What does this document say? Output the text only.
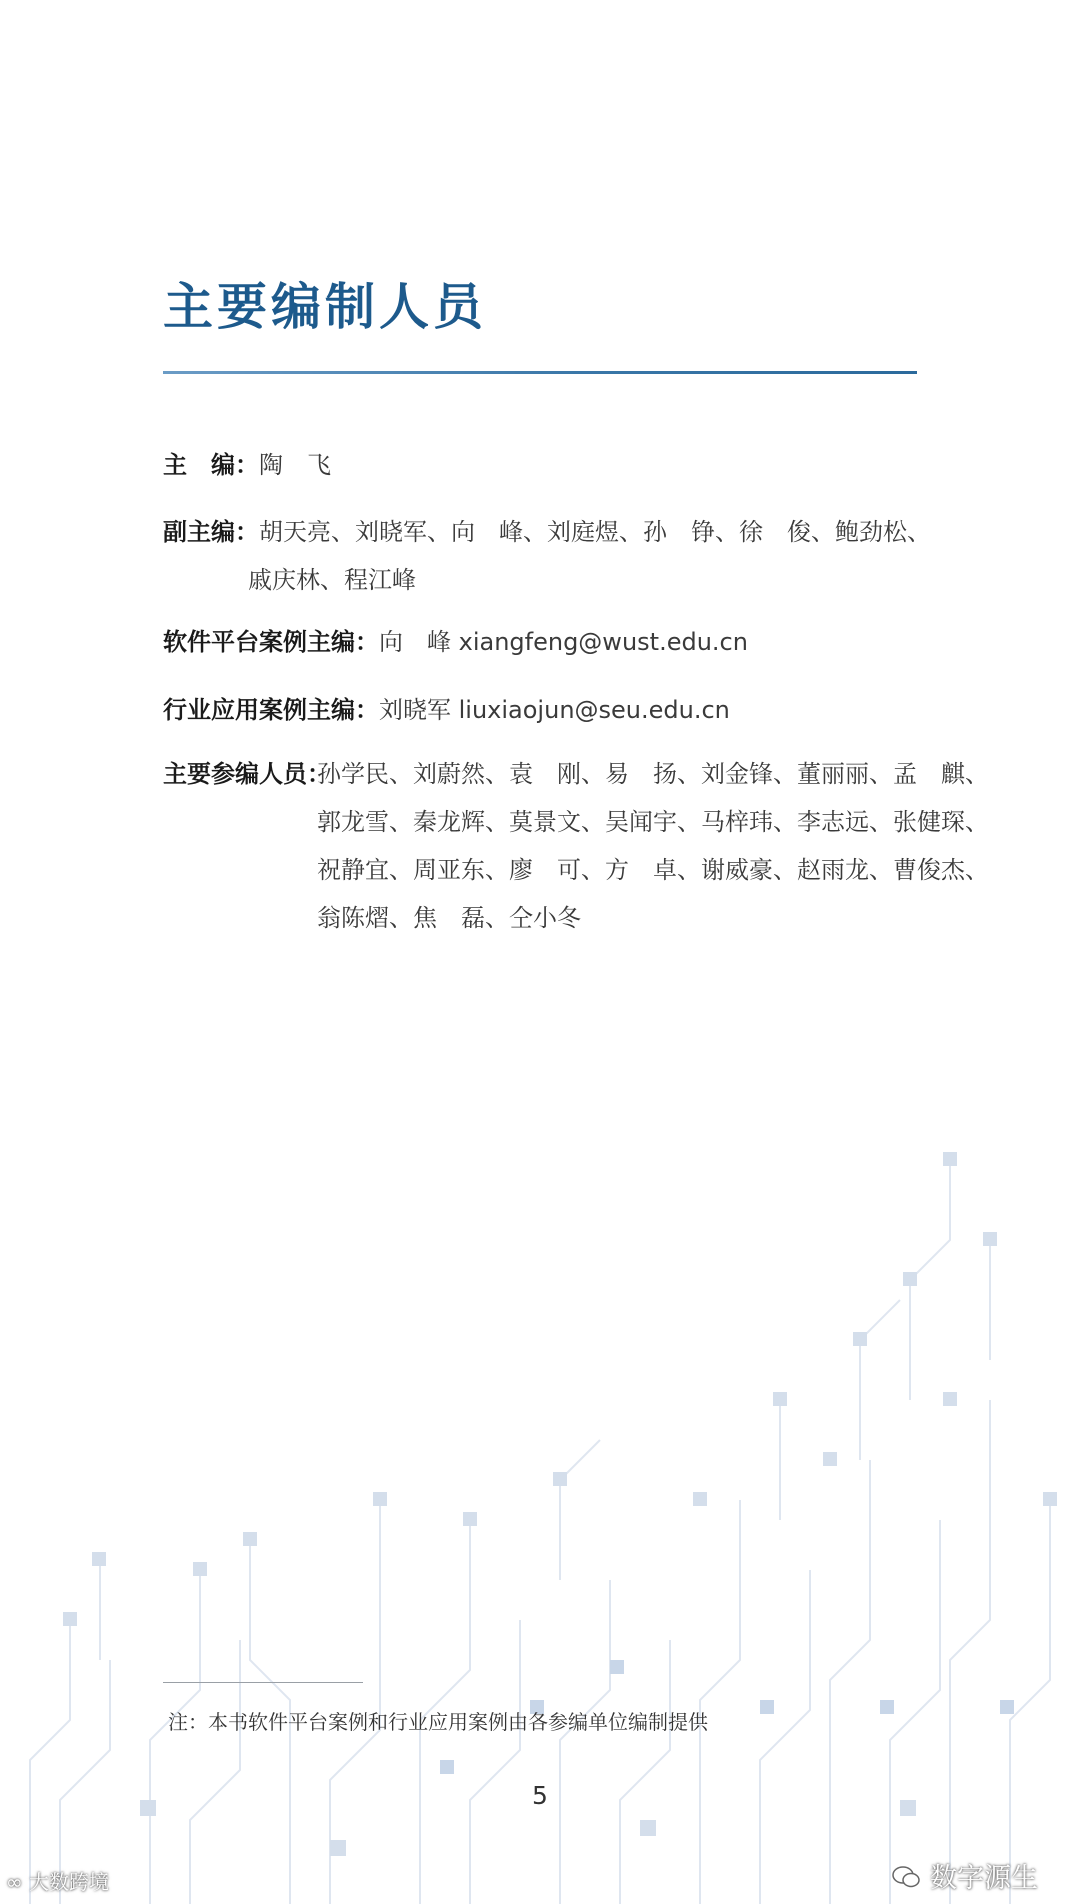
主要编制人员
主　编：陶　飞
副主编：胡天亮、刘晓军、向　峰、刘庭煜、孙　铮、徐　俊、鲍劲松、
戚庆林、程江峰
软件平台案例主编：向　峰 xiangfeng@wust.edu.cn
行业应用案例主编：刘晓军 liuxiaojun@seu.edu.cn
主要参编人员：
孙学民、刘蔚然、袁　刚、易　扬、刘金锋、董丽丽、孟　麒、
郭龙雪、秦龙辉、莫景文、吴闻宇、马梓玮、李志远、张健琛、
祝静宜、周亚东、廖　可、方　卓、谢威豪、赵雨龙、曹俊杰、
翁陈熠、焦　磊、仝小冬
注：本书软件平台案例和行业应用案例由各参编单位编制提供
5
∞ 大数跨境	数字源生
